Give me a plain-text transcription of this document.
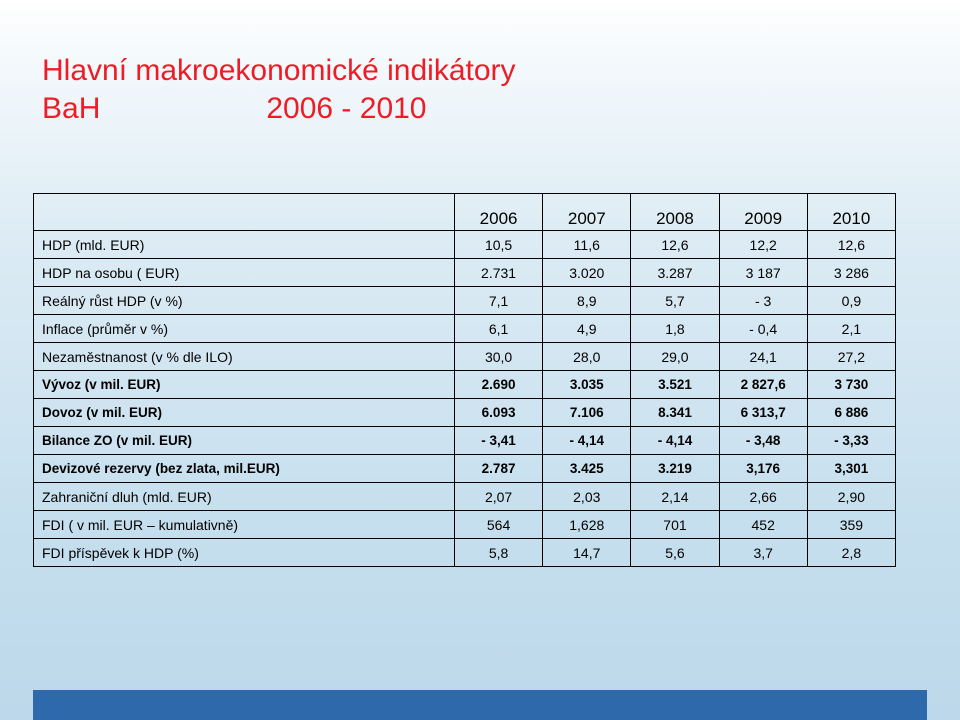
Hlavní makroekonomické indikátory
BaH	2006 - 2010
	2006	2007	2008	2009	2010
HDP (mld. EUR)	10,5	11,6	12,6	12,2	12,6
HDP na osobu ( EUR)	2.731	3.020	3.287	3 187	3 286
Reálný růst HDP (v %)	7,1	8,9	5,7	- 3	0,9
Inflace (průměr v %)	6,1	4,9	1,8	- 0,4	2,1
Nezaměstnanost (v % dle ILO)	30,0	28,0	29,0	24,1	27,2
Vývoz (v mil. EUR)	2.690	3.035	3.521	2 827,6	3 730
Dovoz (v mil. EUR)	6.093	7.106	8.341	6 313,7	6 886
Bilance ZO (v mil. EUR)	- 3,41	- 4,14	- 4,14	- 3,48	- 3,33
Devizové rezervy (bez zlata, mil.EUR)	2.787	3.425	3.219	3,176	3,301
Zahraniční dluh (mld. EUR)	2,07	2,03	2,14	2,66	2,90
FDI ( v mil. EUR – kumulativně)	564	1,628	701	452	359
FDI příspěvek k HDP (%)	5,8	14,7	5,6	3,7	2,8
